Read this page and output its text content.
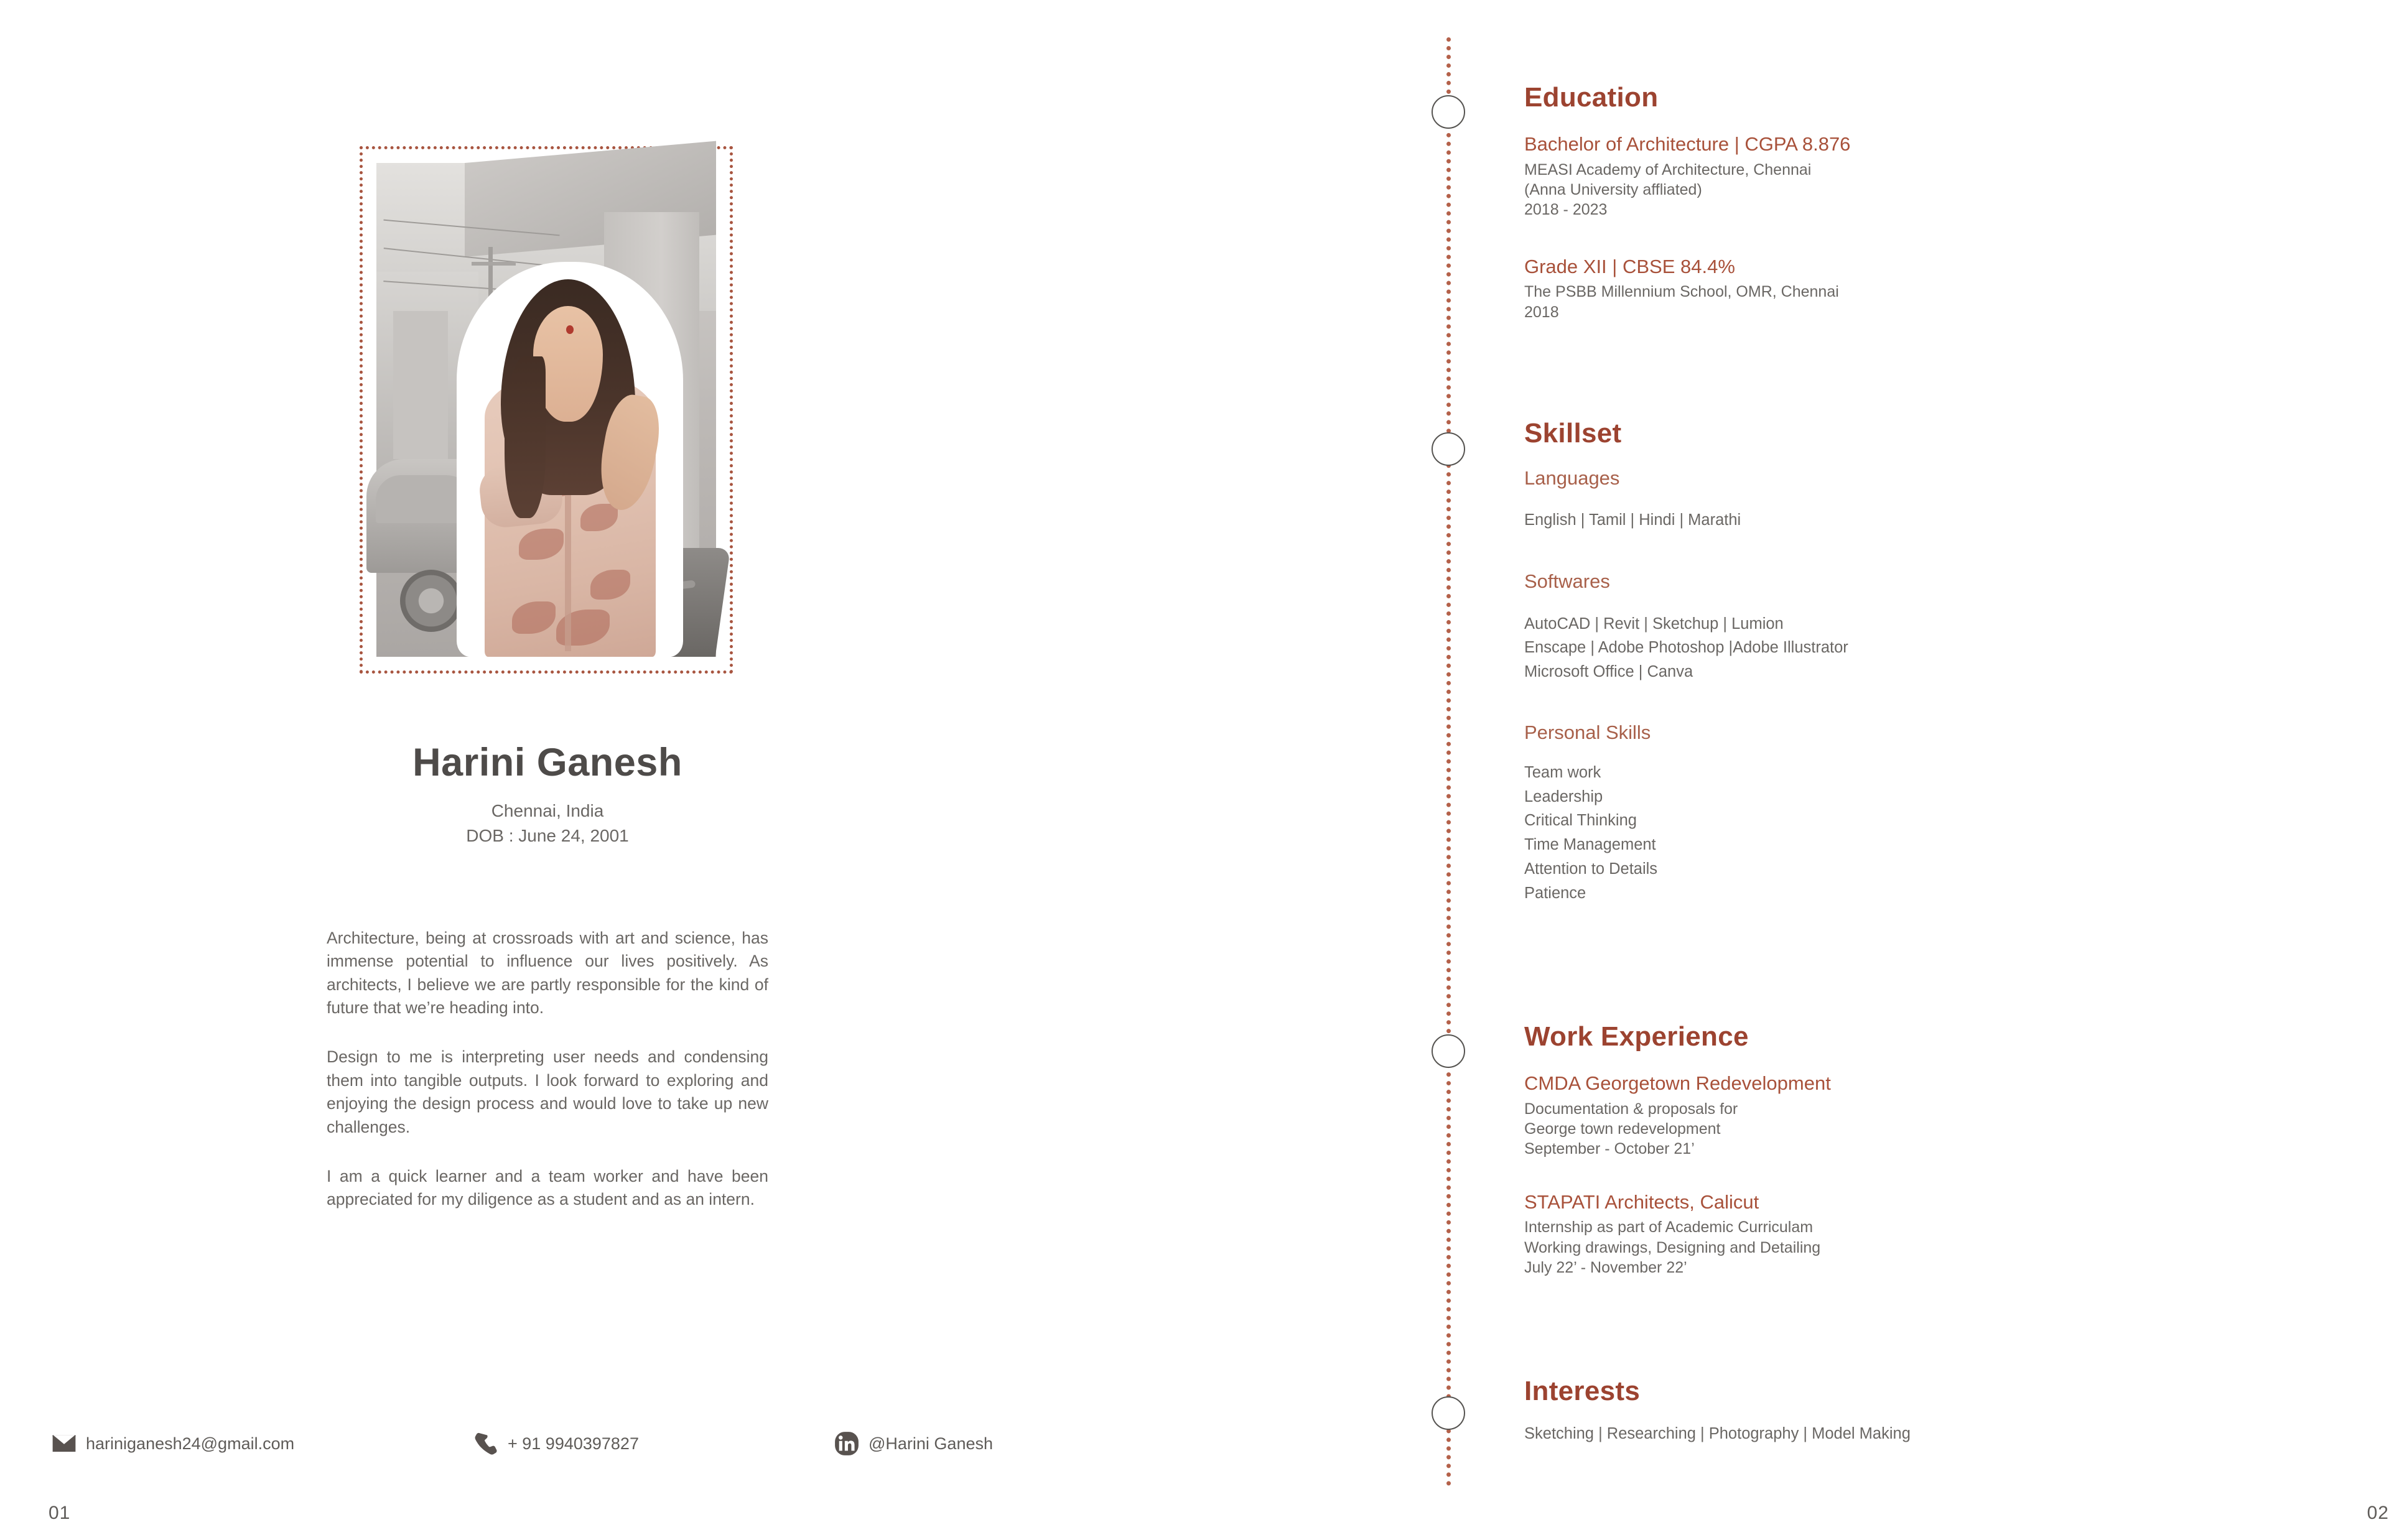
Harini Ganesh
Chennai, India
DOB : June 24, 2001

Architecture, being at crossroads with art and science, has immense potential to influence our lives positively. As architects, I believe we are partly responsible for the kind of future that we’re heading into.

Design to me is interpreting user needs and condensing them into tangible outputs. I look forward to exploring and enjoying the design process and would love to take up new challenges.

I am a quick learner and a team worker and have been appreciated for my diligence as a student and as an intern.

hariniganesh24@gmail.com	+ 91 9940397827	@Harini Ganesh
01
Education
Bachelor of Architecture | CGPA 8.876
MEASI Academy of Architecture, Chennai
(Anna University affliated)
2018 - 2023
Grade XII | CBSE 84.4%
The PSBB Millennium School, OMR, Chennai
2018
Skillset
Languages
English | Tamil | Hindi | Marathi
Softwares
AutoCAD | Revit | Sketchup | Lumion
Enscape | Adobe Photoshop |Adobe Illustrator
Microsoft Office | Canva
Personal Skills
Team work
Leadership
Critical Thinking
Time Management
Attention to Details
Patience
Work Experience
CMDA Georgetown Redevelopment
Documentation & proposals for
George town redevelopment
September - October 21’
STAPATI Architects, Calicut
Internship as part of Academic Curriculam
Working drawings, Designing and Detailing
July 22’ - November 22’
Interests
Sketching | Researching | Photography | Model Making
02
